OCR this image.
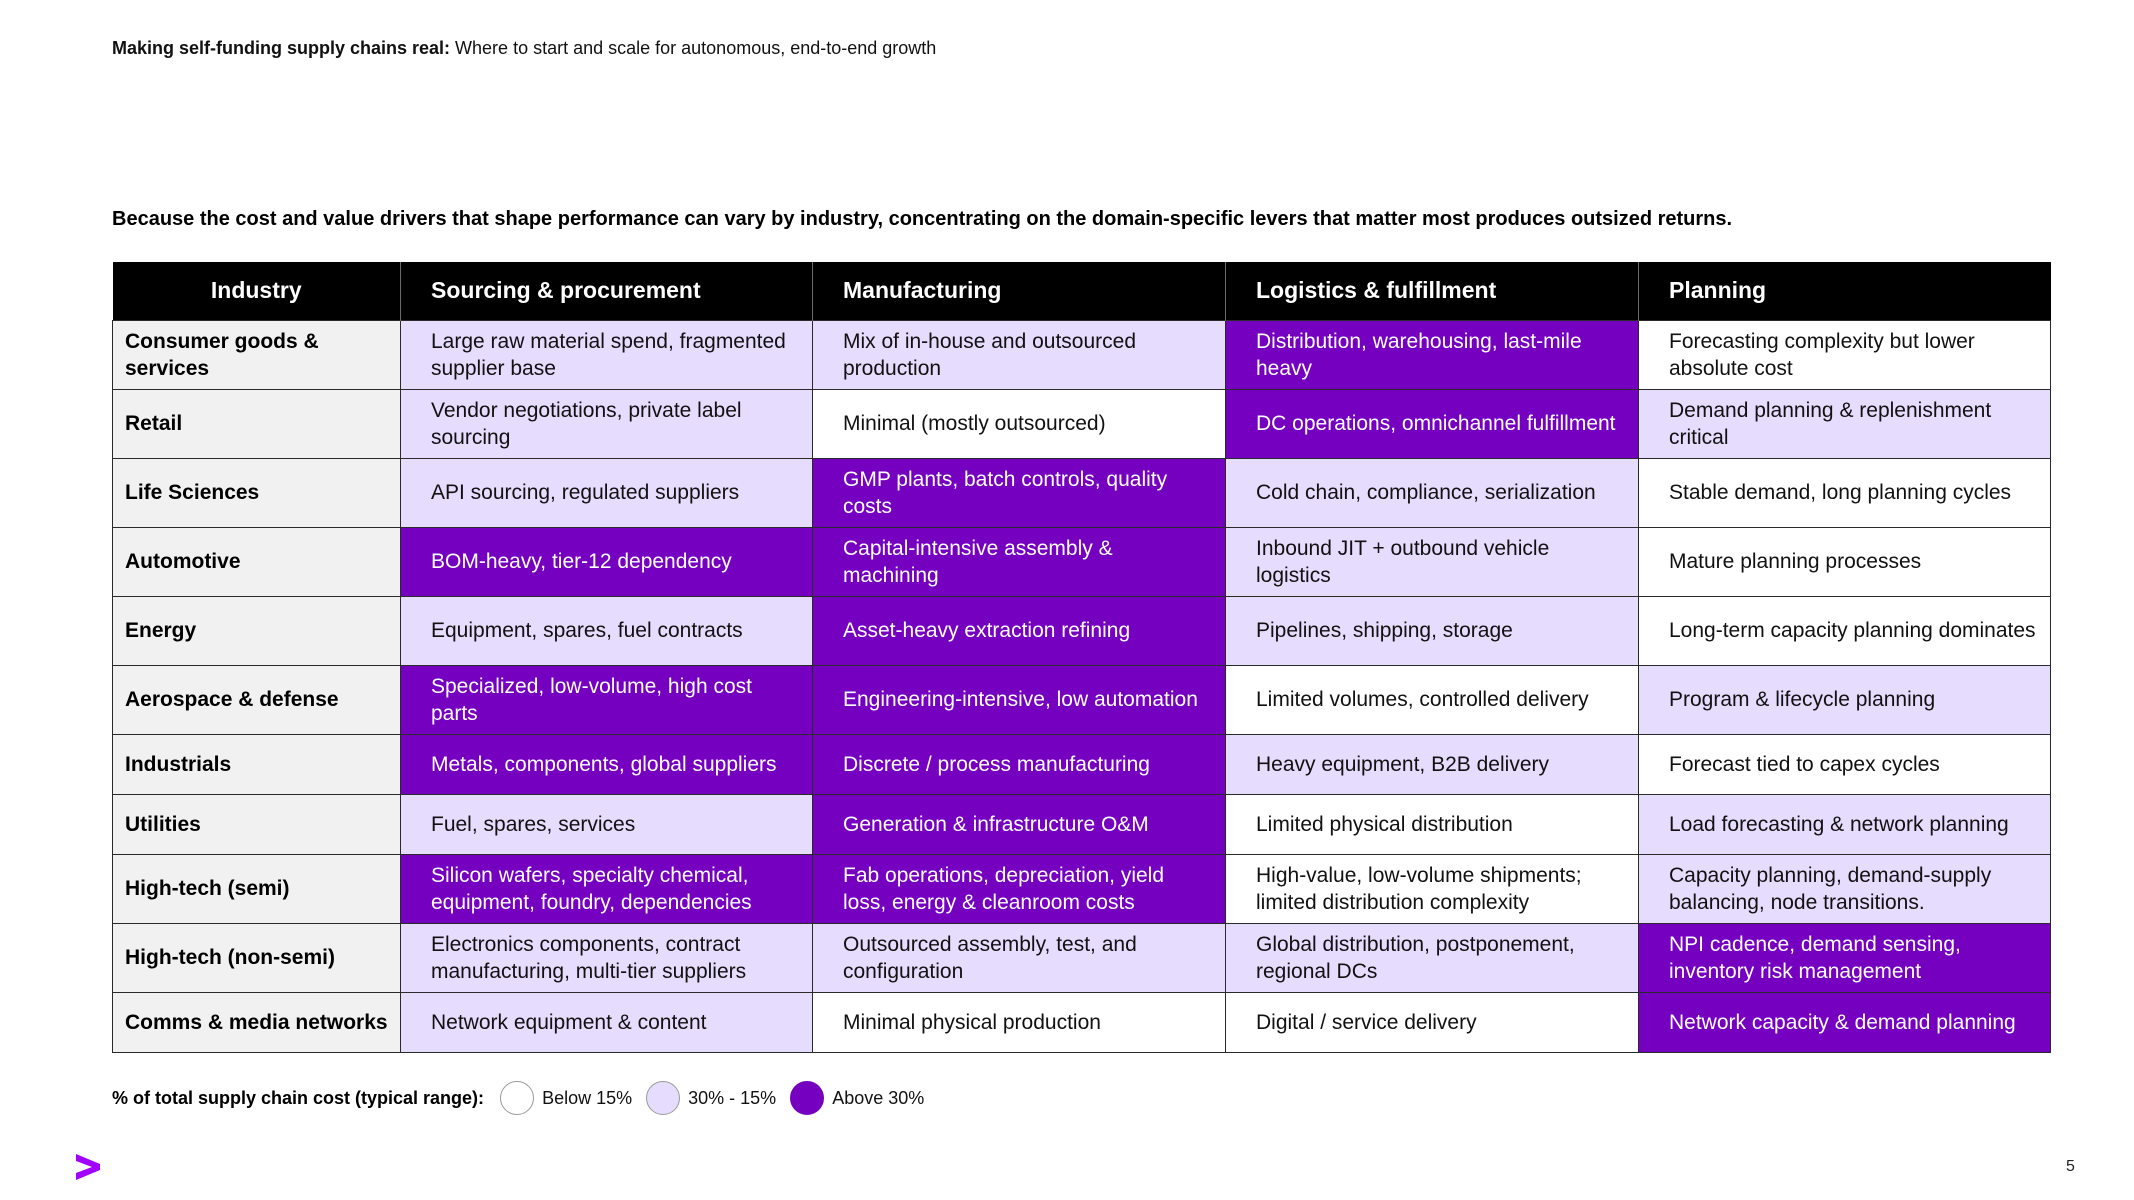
Making self-funding supply chains real: Where to start and scale for autonomous, end-to-end growth
Because the cost and value drivers that shape performance can vary by industry, concentrating on the domain-specific levers that matter most produces outsized returns.
Industry	Sourcing & procurement	Manufacturing	Logistics & fulfillment	Planning
Consumer goods & services	Large raw material spend, fragmented supplier base	Mix of in-house and outsourced production	Distribution, warehousing, last-mile heavy	Forecasting complexity but lower absolute cost
Retail	Vendor negotiations, private label sourcing	Minimal (mostly outsourced)	DC operations, omnichannel fulfillment	Demand planning & replenishment critical
Life Sciences	API sourcing, regulated suppliers	GMP plants, batch controls, quality costs	Cold chain, compliance, serialization	Stable demand, long planning cycles
Automotive	BOM-heavy, tier-12 dependency	Capital-intensive assembly & machining	Inbound JIT + outbound vehicle logistics	Mature planning processes
Energy	Equipment, spares, fuel contracts	Asset-heavy extraction refining	Pipelines, shipping, storage	Long-term capacity planning dominates
Aerospace & defense	Specialized, low-volume, high cost parts	Engineering-intensive, low automation	Limited volumes, controlled delivery	Program & lifecycle planning
Industrials	Metals, components, global suppliers	Discrete / process manufacturing	Heavy equipment, B2B delivery	Forecast tied to capex cycles
Utilities	Fuel, spares, services	Generation & infrastructure O&M	Limited physical distribution	Load forecasting & network planning
High-tech (semi)	Silicon wafers, specialty chemical, equipment, foundry, dependencies	Fab operations, depreciation, yield loss, energy & cleanroom costs	High-value, low-volume shipments; limited distribution complexity	Capacity planning, demand-supply balancing, node transitions.
High-tech (non-semi)	Electronics components, contract manufacturing, multi-tier suppliers	Outsourced assembly, test, and configuration	Global distribution, postponement, regional DCs	NPI cadence, demand sensing, inventory risk management
Comms & media networks	Network equipment & content	Minimal physical production	Digital / service delivery	Network capacity & demand planning
% of total supply chain cost (typical range):	Below 15%	30% - 15%	Above 30%
5
